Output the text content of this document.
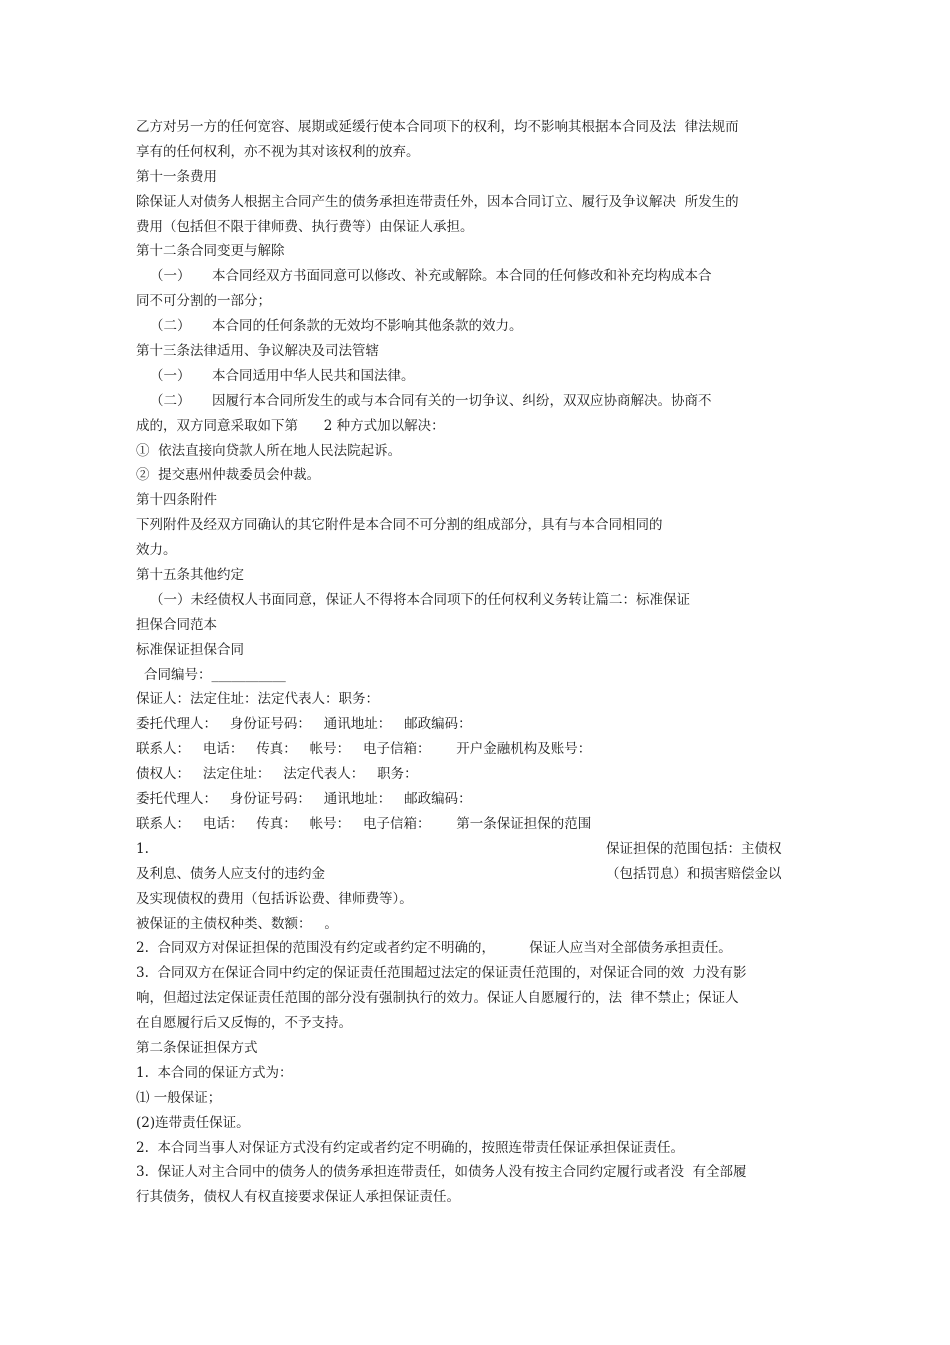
乙方对另一方的任何宽容、展期或延缓行使本合同项下的权利，均不影响其根据本合同及法  律法规而
享有的任何权利，亦不视为其对该权利的放弃。
第十一条费用
除保证人对债务人根据主合同产生的债务承担连带责任外，因本合同订立、履行及争议解决  所发生的
费用（包括但不限于律师费、执行费等）由保证人承担。
第十二条合同变更与解除
（一）     本合同经双方书面同意可以修改、补充或解除。本合同的任何修改和补充均构成本合
同不可分割的一部分；
（二）     本合同的任何条款的无效均不影响其他条款的效力。
第十三条法律适用、争议解决及司法管辖
（一）     本合同适用中华人民共和国法律。
（二）     因履行本合同所发生的或与本合同有关的一切争议、纠纷，双双应协商解决。协商不
成的，双方同意采取如下第      2 种方式加以解决：
①  依法直接向贷款人所在地人民法院起诉。
②  提交惠州仲裁委员会仲裁。
第十四条附件
下列附件及经双方同确认的其它附件是本合同不可分割的组成部分，具有与本合同相同的
效力。
第十五条其他约定
（一）未经债权人书面同意，保证人不得将本合同项下的任何权利义务转让篇二：标准保证
担保合同范本
标准保证担保合同
合同编号：___________
保证人：法定住址：法定代表人：职务：
委托代理人：   身份证号码：   通讯地址：   邮政编码：
联系人：   电话：   传真：   帐号：   电子信箱：      开户金融机构及账号：
债权人：   法定住址：   法定代表人：   职务：
委托代理人：   身份证号码：   通讯地址：   邮政编码：
联系人：   电话：   传真：   帐号：   电子信箱：      第一条保证担保的范围
1.	保证担保的范围包括：主债权
及利息、债务人应支付的违约金	（包括罚息）和损害赔偿金以
及实现债权的费用（包括诉讼费、律师费等）。
被保证的主债权种类、数额：   。
2.  合同双方对保证担保的范围没有约定或者约定不明确的，        保证人应当对全部债务承担责任。
3.  合同双方在保证合同中约定的保证责任范围超过法定的保证责任范围的，对保证合同的效  力没有影
响，但超过法定保证责任范围的部分没有强制执行的效力。保证人自愿履行的，法  律不禁止；保证人
在自愿履行后又反悔的，不予支持。
第二条保证担保方式
1.  本合同的保证方式为：
⑴ 一般保证；
(2)连带责任保证。
2.  本合同当事人对保证方式没有约定或者约定不明确的，按照连带责任保证承担保证责任。
3.  保证人对主合同中的债务人的债务承担连带责任，如债务人没有按主合同约定履行或者没  有全部履
行其债务，债权人有权直接要求保证人承担保证责任。
